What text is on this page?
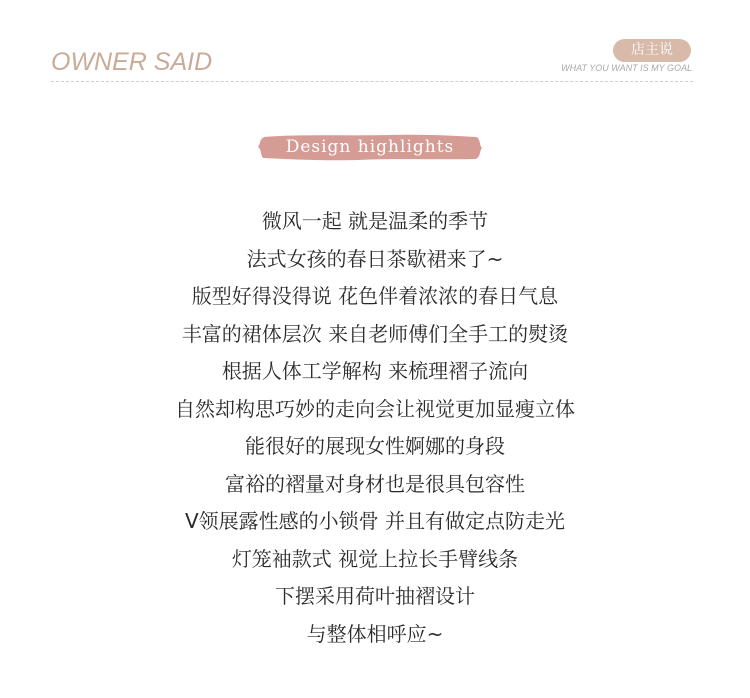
OWNER SAID	店主说
WHAT YOU WANT IS MY GOAL
Design highlights
微风一起 就是温柔的季节
法式女孩的春日茶歇裙来了~
版型好得没得说 花色伴着浓浓的春日气息
丰富的裙体层次 来自老师傅们全手工的熨烫
根据人体工学解构 来梳理褶子流向
自然却构思巧妙的走向会让视觉更加显瘦立体
能很好的展现女性婀娜的身段
富裕的褶量对身材也是很具包容性
V领展露性感的小锁骨 并且有做定点防走光
灯笼袖款式 视觉上拉长手臂线条
下摆采用荷叶抽褶设计
与整体相呼应~
